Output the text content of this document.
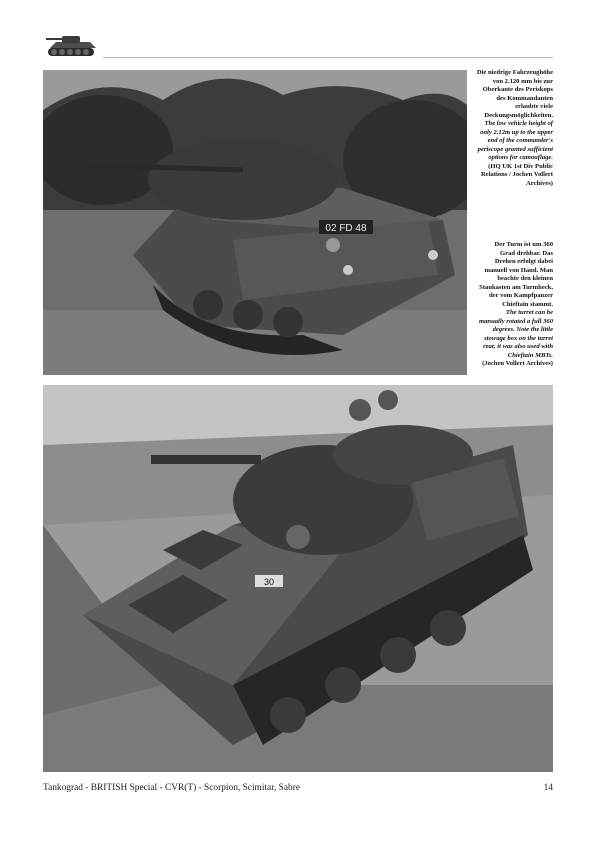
02 FD 48

Die niedrige Fahrzeughöhe von 2.120 mm bis zur Oberkante des Periskops des Kommandanten erlaubte viele Deckungsmöglichkeiten.

The low vehicle height of only 2.12m up to the upper end of the commander's periscope granted sufficient options for camouflage.

(HQ UK 1st Div Public Relations / Jochen Vollert Archives)

Der Turm ist um 360 Grad drehbar. Das Drehen erfolgt dabei manuell von Hand. Man beachte den kleinen Staukasten am Turmheck, der vom Kampfpanzer Chieftain stammt.

The turret can be manually rotated a full 360 degrees. Note the little stowage box on the turret rear, it was also used with Chieftain MBTs.

(Jochen Vollert Archives)

30
Tankograd - BRITISH Special - CVR(T) - Scorpion, Scimitar, Sabre	14
